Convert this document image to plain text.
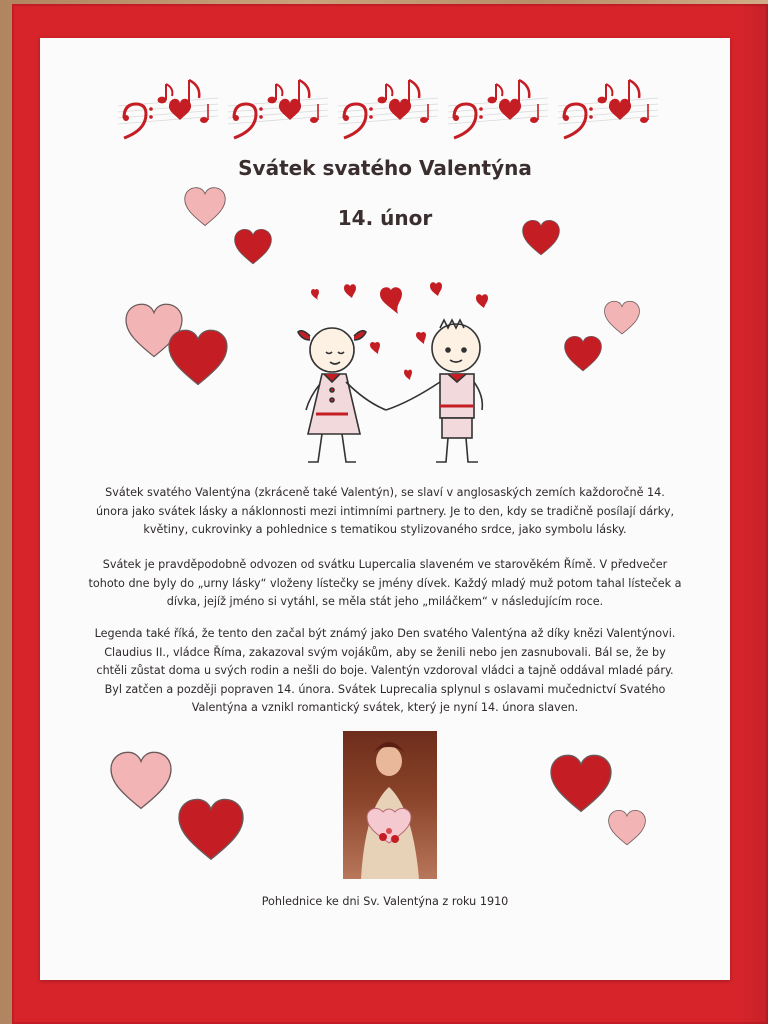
Svátek svatého Valentýna
14. únor
Svátek svatého Valentýna (zkráceně také Valentýn), se slaví v anglosaských zemích každoročně 14. února jako svátek lásky a náklonnosti mezi intimními partnery. Je to den, kdy se tradičně posílají dárky, květiny, cukrovinky a pohlednice s tematikou stylizovaného srdce, jako symbolu lásky.
Svátek je pravděpodobně odvozen od svátku Lupercalia slaveném ve starověkém Římě. V předvečer tohoto dne byly do „urny lásky“ vloženy lístečky se jmény dívek. Každý mladý muž potom tahal lísteček a dívka, jejíž jméno si vytáhl, se měla stát jeho „miláčkem“ v následujícím roce.
Legenda také říká, že tento den začal být známý jako Den svatého Valentýna až díky knězi Valentýnovi. Claudius II., vládce Říma, zakazoval svým vojákům, aby se ženili nebo jen zasnubovali. Bál se, že by chtěli zůstat doma u svých rodin a nešli do boje. Valentýn vzdoroval vládci a tajně oddával mladé páry. Byl zatčen a později popraven 14. února. Svátek Luprecalia splynul s oslavami mučednictví Svatého Valentýna a vznikl romantický svátek, který je nyní 14. února slaven.
Pohlednice ke dni Sv. Valentýna z roku 1910
